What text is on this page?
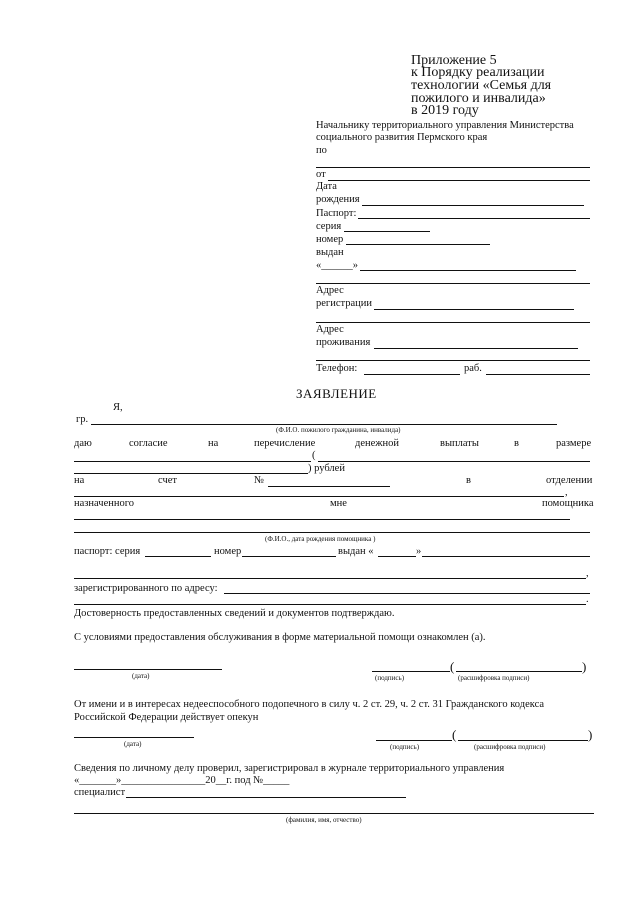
Приложение 5
к Порядку реализации
технологии «Семья для
пожилого и инвалида»
в 2019 году
Начальнику территориального управления Министерства
социального развития Пермского края
по
от
Дата
рождения
Паспорт:
серия
номер
выдан
«______»
Адрес
регистрации
Адрес
проживания
Телефон:	раб.
ЗАЯВЛЕНИЕ
Я,
гр.
(Ф.И.О. пожилого гражданина, инвалида)
даю	согласие	на	перечисление	денежной	выплаты	в	размере
(
) рублей
на	счет	№	в	отделении
,
назначенного	мне	помощника
(Ф.И.О., дата рождения помощника )
паспорт: серия	номер	выдан «	»
,
зарегистрированного по адресу:
.
Достоверность предоставленных сведений и документов подтверждаю.
С условиями предоставления обслуживания в форме материальной помощи ознакомлен (а).
(дата)	(подпись)
(	)
(расшифровка подписи)
От имени и в интересах недееспособного подопечного в силу ч. 2 ст. 29, ч. 2 ст. 31 Гражданского кодекса
Российской Федерации действует опекун
(дата)	(подпись)
(	)
(расшифровка подписи)
Сведения по личному делу проверил, зарегистрировал в журнале территориального управления
«_______»________________20__г. под №_____
специалист
(фамилия, имя, отчество)
